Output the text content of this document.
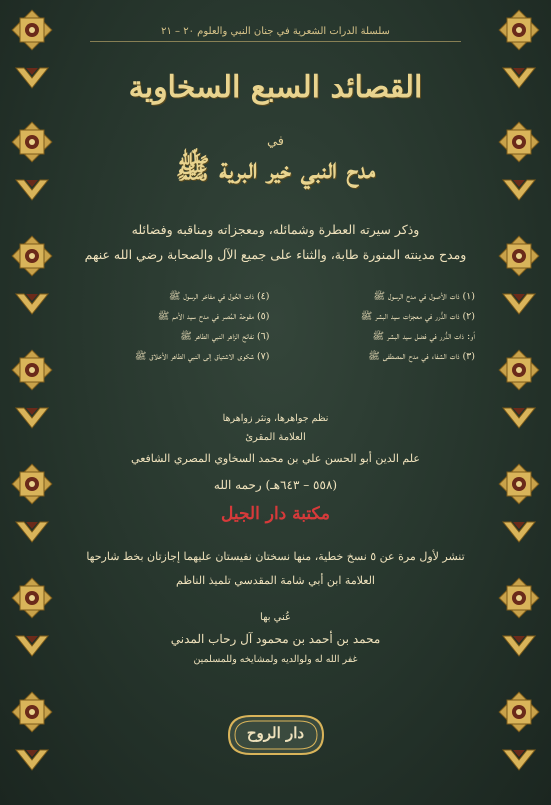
سلسلة الدرات الشعرية في جنان النبي والعلوم ٢٠ – ٢١
القصائد السبع السخاوية
في
مدح النبي خير البرية ﷺ
وذكر سيرته العطرة وشمائله، ومعجزاته ومناقبه وفضائله
ومدح مدينته المنورة طابة، والثناء على جميع الآل والصحابة رضي الله عنهم
(١) ذات الأصول في مدح الرسول ﷺ
(٤) ذات الحُول في مفاخر الرسول ﷺ
(٢) ذات الدُّرر في معجزات سيد البشر ﷺ
(٥) مقوحة المُصر في مدح سيد الأمم ﷺ
أو: ذات الدُّرر في فضل سيد البشر ﷺ
(٦) نفائح الزاهر النبي الطاهر ﷺ
(٣) ذات الشفاء في مدح المصطفى ﷺ
(٧) شكوى الاشتياق إلى النبي الطاهر الأخلاق ﷺ
نظم جواهرها، ونثر زواهرها
العلامة المقرئ
علم الدين أبو الحسن علي بن محمد السخاوي المصري الشافعي
(٥٥٨ – ٦٤٣هـ) رحمه الله
مكتبة دار الجيل
تنشر لأول مرة عن ٥ نسخ خطية، منها نسختان نفيستان عليهما إجازتان بخط شارحها
العلامة ابن أبي شامة المقدسي تلميذ الناظم
عُني بها
محمد بن أحمد بن محمود آل رحاب المدني
غفر الله له ولوالديه ولمشايخه وللمسلمين
دار الروح
